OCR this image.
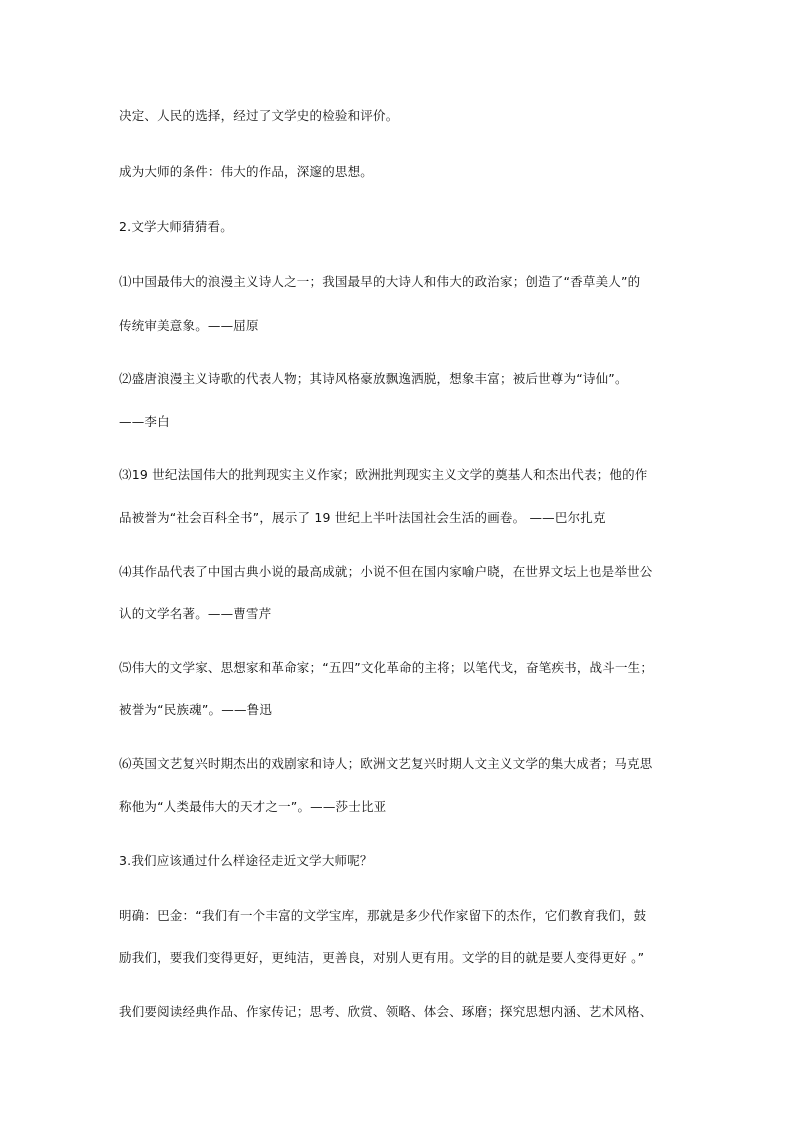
决定、人民的选择，经过了文学史的检验和评价。
成为大师的条件：伟大的作品，深邃的思想。
2.文学大师猜猜看。
⑴中国最伟大的浪漫主义诗人之一；我国最早的大诗人和伟大的政治家；创造了“香草美人”的
传统审美意象。——屈原
⑵盛唐浪漫主义诗歌的代表人物；其诗风格豪放飘逸洒脱，想象丰富；被后世尊为“诗仙”。
——李白
⑶19 世纪法国伟大的批判现实主义作家；欧洲批判现实主义文学的奠基人和杰出代表；他的作
品被誉为“社会百科全书”，展示了 19 世纪上半叶法国社会生活的画卷。 ——巴尔扎克
⑷其作品代表了中国古典小说的最高成就；小说不但在国内家喻户晓，在世界文坛上也是举世公
认的文学名著。——曹雪芹
⑸伟大的文学家、思想家和革命家；“五四”文化革命的主将；以笔代戈，奋笔疾书，战斗一生；
被誉为“民族魂”。——鲁迅
⑹英国文艺复兴时期杰出的戏剧家和诗人；欧洲文艺复兴时期人文主义文学的集大成者；马克思
称他为“人类最伟大的天才之一”。——莎士比亚
3.我们应该通过什么样途径走近文学大师呢？
明确：巴金：“我们有一个丰富的文学宝库，那就是多少代作家留下的杰作，它们教育我们，鼓
励我们，要我们变得更好，更纯洁，更善良，对别人更有用。文学的目的就是要人变得更好 。”
我们要阅读经典作品、作家传记；思考、欣赏、领略、体会、琢磨；探究思想内涵、艺术风格、
